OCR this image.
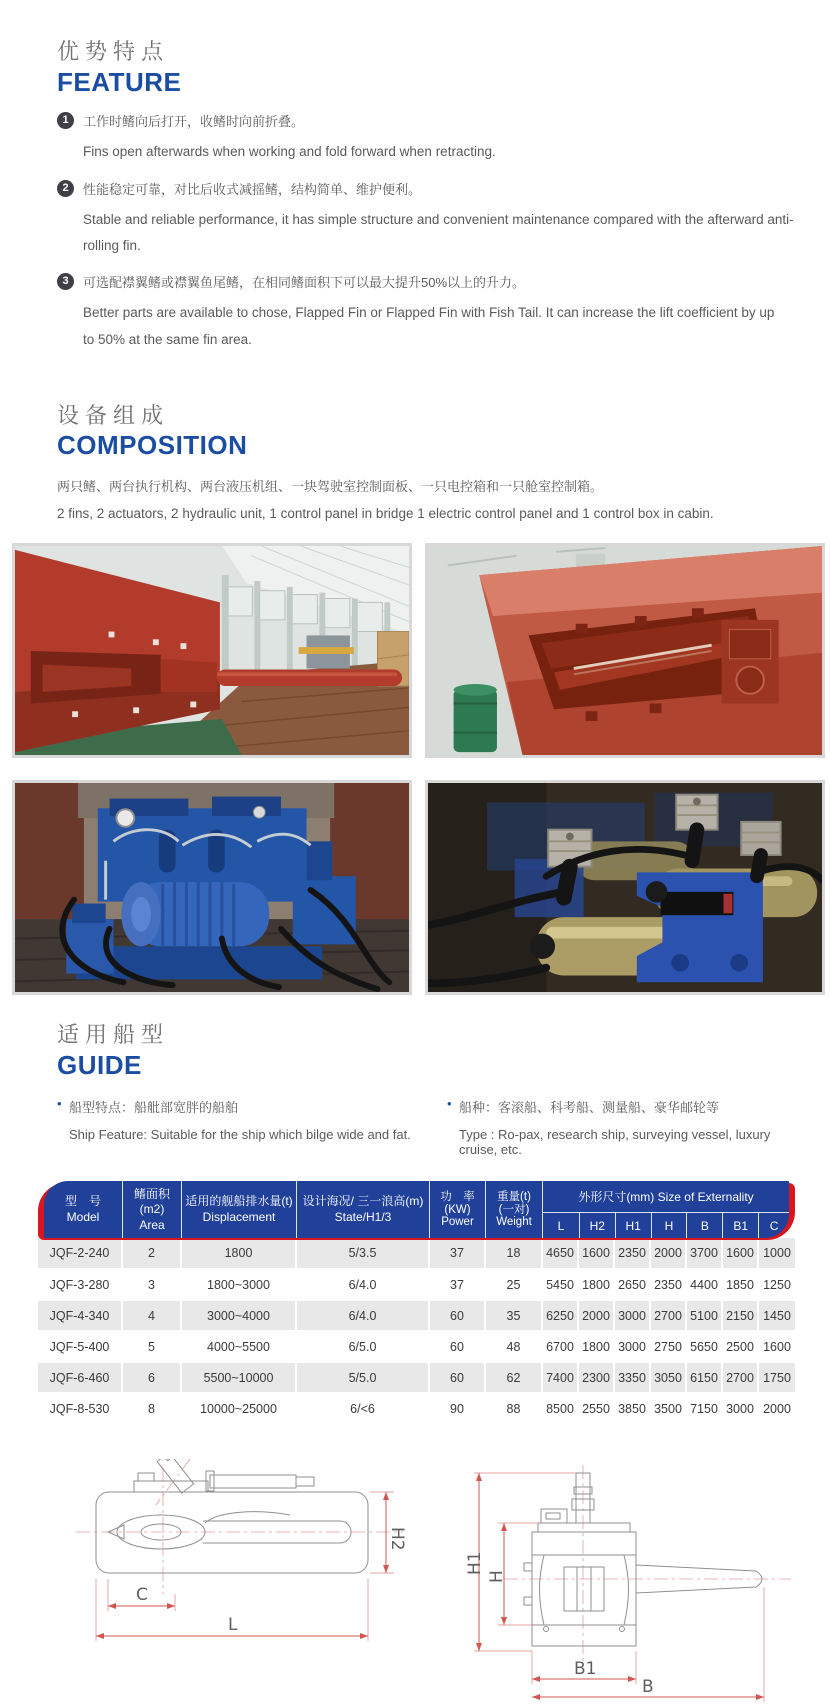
优势特点
FEATURE
1	工作时鳍向后打开，收鳍时向前折叠。
Fins open afterwards when working and fold forward when retracting.
2	性能稳定可靠，对比后收式减摇鳍，结构简单、维护便利。
Stable and reliable performance, it has simple structure and convenient maintenance compared with the afterward anti-rolling fin.
3	可选配襟翼鳍或襟翼鱼尾鳍，在相同鳍面积下可以最大提升50%以上的升力。
Better parts are available to chose, Flapped Fin or Flapped Fin with Fish Tail. It can increase the lift coefficient by up to 50% at the same fin area.
设备组成
COMPOSITION
两只鳍、两台执行机构、两台液压机组、一块驾驶室控制面板、一只电控箱和一只舱室控制箱。
2 fins, 2 actuators, 2 hydraulic unit, 1 control panel in bridge 1 electric control panel and 1 control box in cabin.
适用船型
GUIDE
• 船型特点：船舭部宽胖的船舶
Ship Feature: Suitable for the ship which bilge wide and fat.
• 船种：客滚船、科考船、测量船、豪华邮轮等
Type : Ro-pax, research ship, surveying vessel, luxury cruise, etc.
型　号
Model
鳍面积(m2)
Area
适用的舰船排水量(t)
Displacement
设计海况/ 三一浪高(m)
State/H1/3
功　率
(KW)
Power
重量(t)
(一对)
Weight
外形尺寸(mm) Size of Externality
L	H2	H1	H	B	B1	C
JQF-2-240	2	1800	5/3.5	37	18	4650	1600	2350	2000	3700	1600	1000
JQF-3-280	3	1800~3000	6/4.0	37	25	5450	1800	2650	2350	4400	1850	1250
JQF-4-340	4	3000~4000	6/4.0	60	35	6250	2000	3000	2700	5100	2150	1450
JQF-5-400	5	4000~5500	6/5.0	60	48	6700	1800	3000	2750	5650	2500	1600
JQF-6-460	6	5500~10000	5/5.0	60	62	7400	2300	3350	3050	6150	2700	1750
JQF-8-530	8	10000~25000	6/<6	90	88	8500	2550	3850	3500	7150	3000	2000
C
L
H2
H1
H
B1
B
